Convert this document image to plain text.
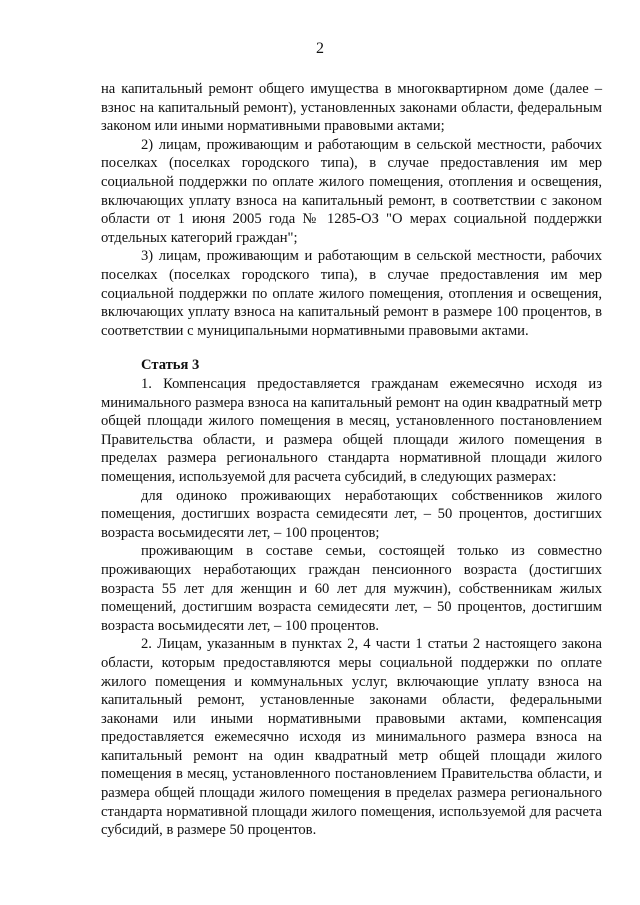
2

на капитальный ремонт общего имущества в многоквартирном доме (далее – взнос на капитальный ремонт), установленных законами области, федеральным законом или иными нормативными правовыми актами;

2) лицам, проживающим и работающим в сельской местности, рабочих поселках (поселках городского типа), в случае предоставления им мер социальной поддержки по оплате жилого помещения, отопления и освещения, включающих уплату взноса на капитальный ремонт, в соответствии с законом области от 1 июня 2005 года № 1285-ОЗ "О мерах социальной поддержки отдельных категорий граждан";

3) лицам, проживающим и работающим в сельской местности, рабочих поселках (поселках городского типа), в случае предоставления им мер социальной поддержки по оплате жилого помещения, отопления и освещения, включающих уплату взноса на капитальный ремонт в размере 100 процентов, в соответствии с муниципальными нормативными правовыми актами.

Статья 3

1. Компенсация предоставляется гражданам ежемесячно исходя из минимального размера взноса на капитальный ремонт на один квадратный метр общей площади жилого помещения в месяц, установленного постановлением Правительства области, и размера общей площади жилого помещения в пределах размера регионального стандарта нормативной площади жилого помещения, используемой для расчета субсидий, в следующих размерах:

для одиноко проживающих неработающих собственников жилого помещения, достигших возраста семидесяти лет, – 50 процентов, достигших возраста восьмидесяти лет, – 100 процентов;

проживающим в составе семьи, состоящей только из совместно проживающих неработающих граждан пенсионного возраста (достигших возраста 55 лет для женщин и 60 лет для мужчин), собственникам жилых помещений, достигшим возраста семидесяти лет, – 50 процентов, достигшим возраста восьмидесяти лет, – 100 процентов.

2. Лицам, указанным в пунктах 2, 4 части 1 статьи 2 настоящего закона области, которым предоставляются меры социальной поддержки по оплате жилого помещения и коммунальных услуг, включающие уплату взноса на капитальный ремонт, установленные законами области, федеральными законами или иными нормативными правовыми актами, компенсация предоставляется ежемесячно исходя из минимального размера взноса на капитальный ремонт на один квадратный метр общей площади жилого помещения в месяц, установленного постановлением Правительства области, и размера общей площади жилого помещения в пределах размера регионального стандарта нормативной площади жилого помещения, используемой для расчета субсидий, в размере 50 процентов.
